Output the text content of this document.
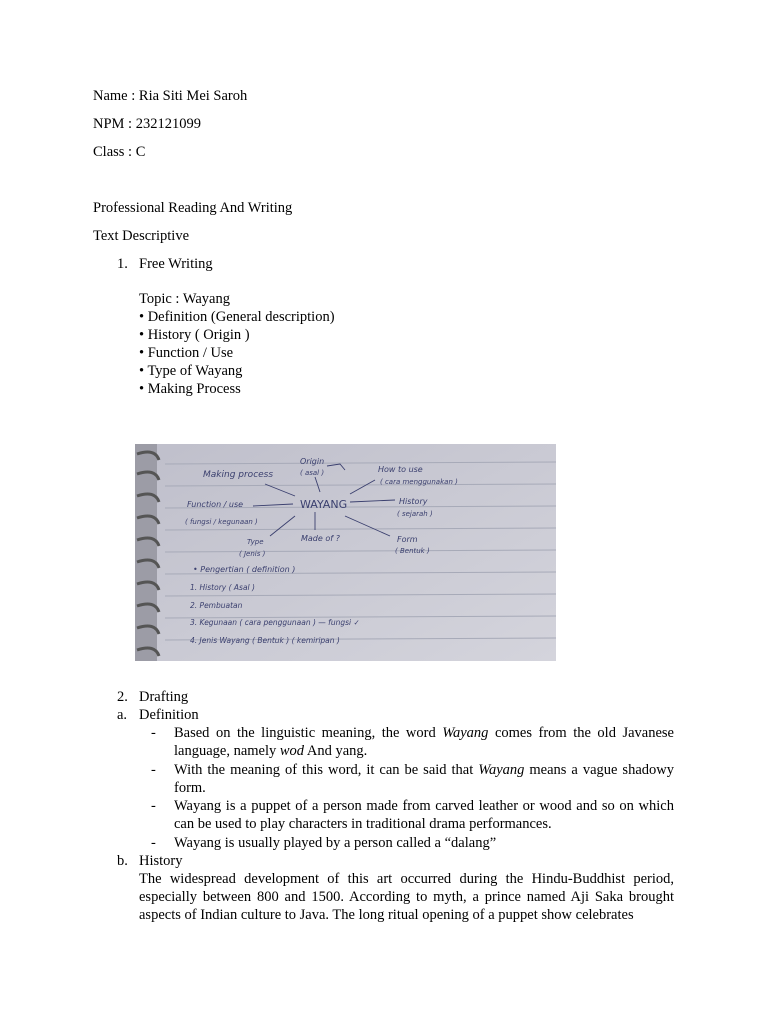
Name : Ria Siti Mei Saroh
NPM : 232121099
Class : C
Professional Reading And Writing
Text Descriptive
1. Free Writing
Topic : Wayang
• Definition (General description)
• History ( Origin )
• Function / Use
• Type of Wayang
• Making Process
Origin
( asal )
Making process
How to use
( cara menggunakan )
WAYANG
Function / use
( fungsi / kegunaan )
History
( sejarah )
Made of ?
Type
( Jenis )
Form
( Bentuk )
• Pengertian ( definition )
1. History ( Asal )
2. Pembuatan
3. Kegunaan ( cara penggunaan ) — fungsi ✓
4. Jenis Wayang ( Bentuk ) ( kemiripan )
2. Drafting
a. Definition
- Based on the linguistic meaning, the word Wayang comes from the old Javanese language, namely wod And yang.
- With the meaning of this word, it can be said that Wayang means a vague shadowy form.
- Wayang is a puppet of a person made from carved leather or wood and so on which can be used to play characters in traditional drama performances.
- Wayang is usually played by a person called a “dalang”
b. History
The widespread development of this art occurred during the Hindu-Buddhist period, especially between 800 and 1500. According to myth, a prince named Aji Saka brought aspects of Indian culture to Java. The long ritual opening of a puppet show celebrates
